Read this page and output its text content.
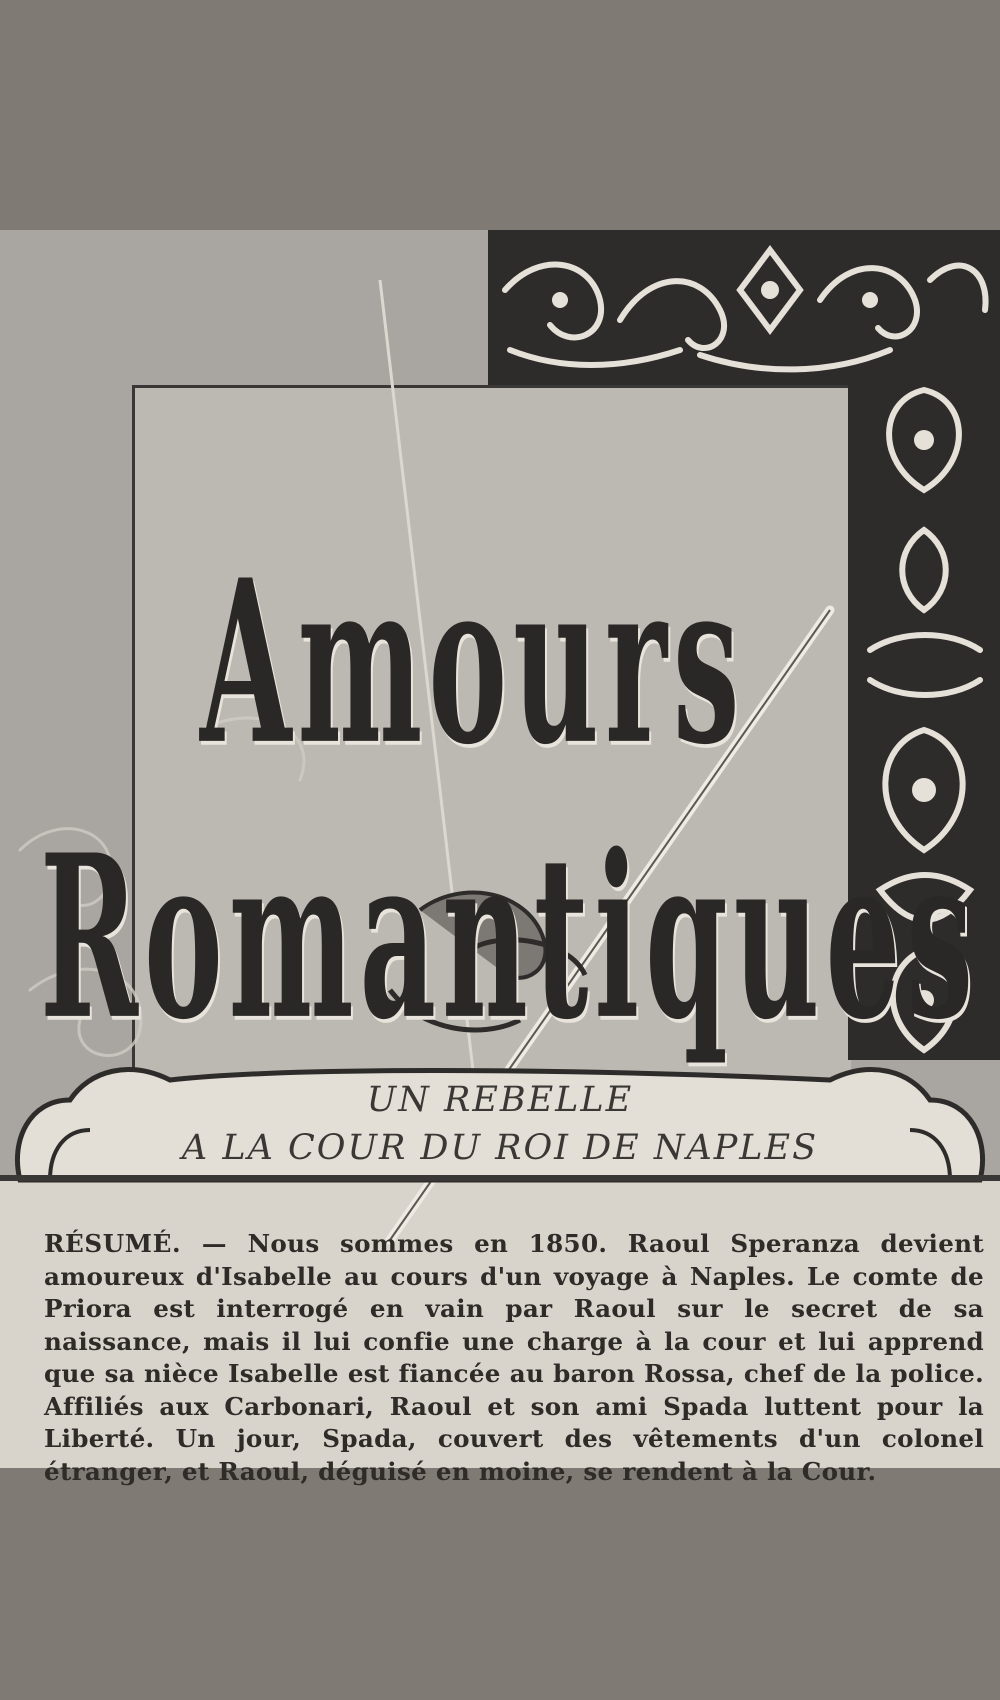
Amours
Romantiques
UN REBELLE
A LA COUR DU ROI DE NAPLES
RÉSUMÉ. — Nous sommes en 1850. Raoul Speranza devient amoureux d'Isabelle au cours d'un voyage à Naples. Le comte de Priora est interrogé en vain par Raoul sur le secret de sa naissance, mais il lui confie une charge à la cour et lui apprend que sa nièce Isabelle est fiancée au baron Rossa, chef de la police. Affiliés aux Carbonari, Raoul et son ami Spada luttent pour la Liberté. Un jour, Spada, couvert des vêtements d'un colonel étranger, et Raoul, déguisé en moine, se rendent à la Cour.
